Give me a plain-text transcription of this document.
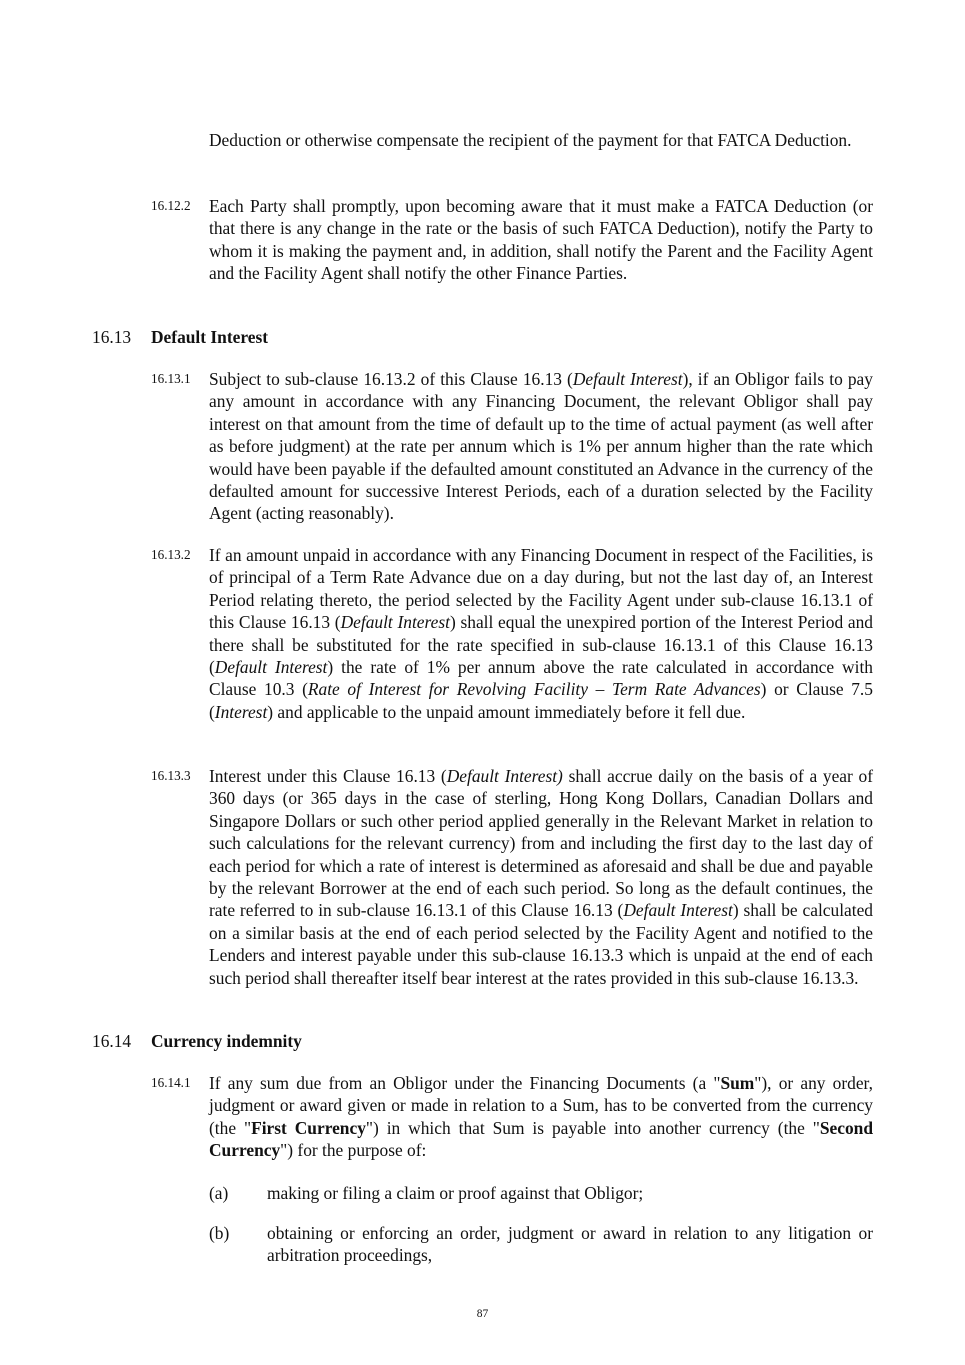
Deduction or otherwise compensate the recipient of the payment for that FATCA Deduction.

16.12.2 Each Party shall promptly, upon becoming aware that it must make a FATCA Deduction (or that there is any change in the rate or the basis of such FATCA Deduction), notify the Party to whom it is making the payment and, in addition, shall notify the Parent and the Facility Agent and the Facility Agent shall notify the other Finance Parties.

16.13 Default Interest
16.13.1 Subject to sub-clause 16.13.2 of this Clause 16.13 (Default Interest), if an Obligor fails to pay any amount in accordance with any Financing Document, the relevant Obligor shall pay interest on that amount from the time of default up to the time of actual payment (as well after as before judgment) at the rate per annum which is 1% per annum higher than the rate which would have been payable if the defaulted amount constituted an Advance in the currency of the defaulted amount for successive Interest Periods, each of a duration selected by the Facility Agent (acting reasonably).

16.13.2 If an amount unpaid in accordance with any Financing Document in respect of the Facilities, is of principal of a Term Rate Advance due on a day during, but not the last day of, an Interest Period relating thereto, the period selected by the Facility Agent under sub-clause 16.13.1 of this Clause 16.13 (Default Interest) shall equal the unexpired portion of the Interest Period and there shall be substituted for the rate specified in sub-clause 16.13.1 of this Clause 16.13 (Default Interest) the rate of 1% per annum above the rate calculated in accordance with Clause 10.3 (Rate of Interest for Revolving Facility – Term Rate Advances) or Clause 7.5 (Interest) and applicable to the unpaid amount immediately before it fell due.

16.13.3 Interest under this Clause 16.13 (Default Interest) shall accrue daily on the basis of a year of 360 days (or 365 days in the case of sterling, Hong Kong Dollars, Canadian Dollars and Singapore Dollars or such other period applied generally in the Relevant Market in relation to such calculations for the relevant currency) from and including the first day to the last day of each period for which a rate of interest is determined as aforesaid and shall be due and payable by the relevant Borrower at the end of each such period. So long as the default continues, the rate referred to in sub-clause 16.13.1 of this Clause 16.13 (Default Interest) shall be calculated on a similar basis at the end of each period selected by the Facility Agent and notified to the Lenders and interest payable under this sub-clause 16.13.3 which is unpaid at the end of each such period shall thereafter itself bear interest at the rates provided in this sub-clause 16.13.3.

16.14 Currency indemnity
16.14.1 If any sum due from an Obligor under the Financing Documents (a "Sum"), or any order, judgment or award given or made in relation to a Sum, has to be converted from the currency (the "First Currency") in which that Sum is payable into another currency (the "Second Currency") for the purpose of:

(a) making or filing a claim or proof against that Obligor;

(b) obtaining or enforcing an order, judgment or award in relation to any litigation or arbitration proceedings,

87
